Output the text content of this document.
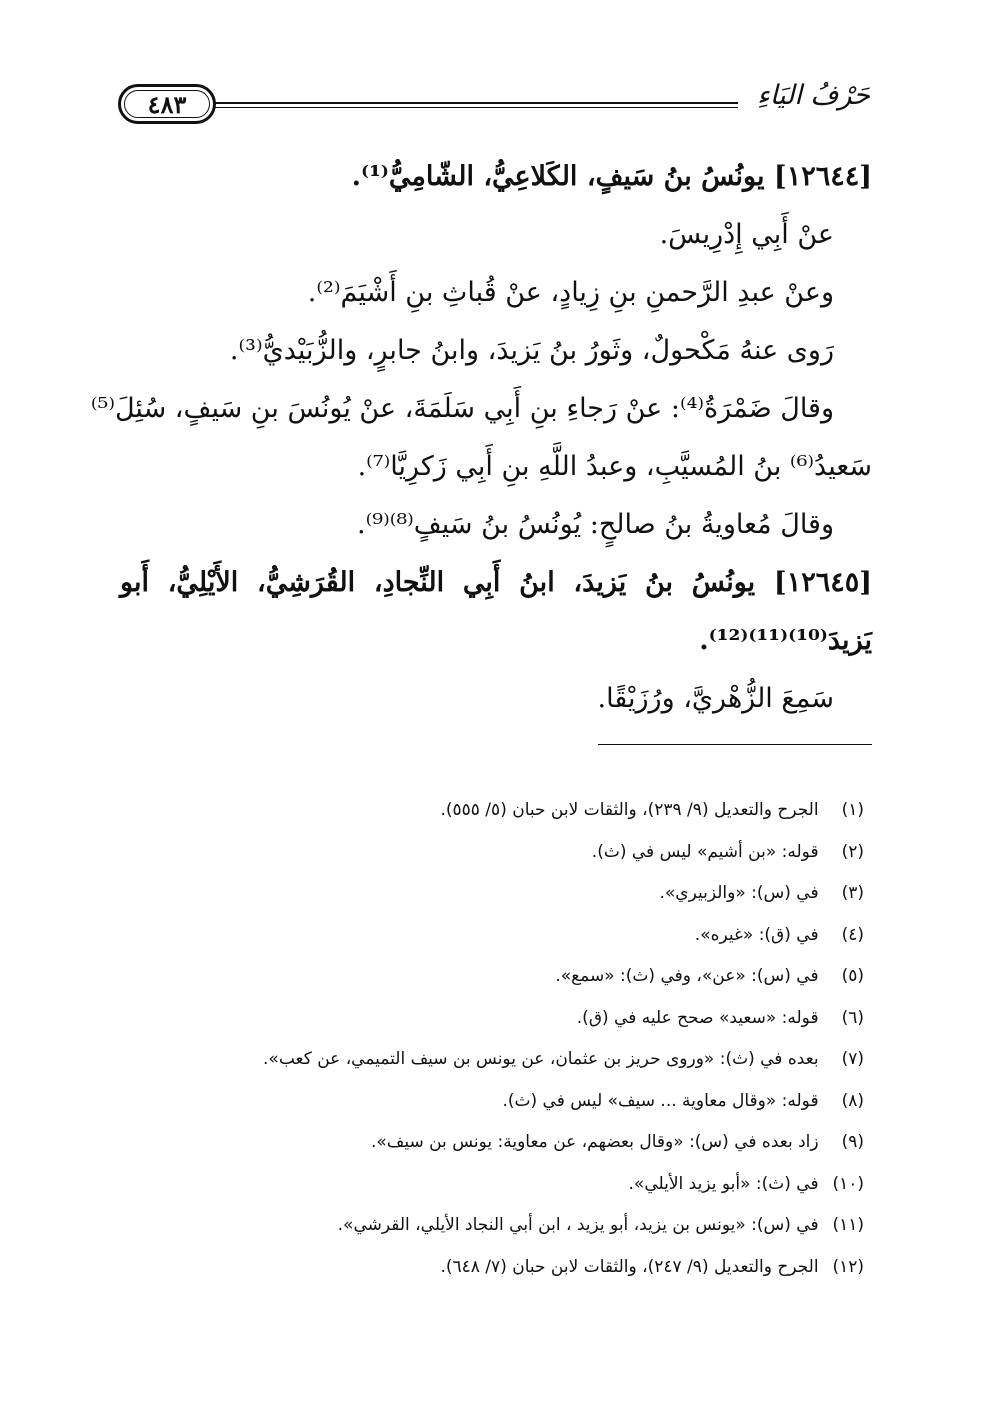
٤٨٣	حَرْفُ اليَاءِ
[١٢٦٤٤] يونُسُ بنُ سَيفٍ، الكَلاعِيُّ، الشّامِيُّ⁽¹⁾.
عنْ أَبِي إِدْرِيسَ.
وعنْ عبدِ الرَّحمنِ بنِ زِيادٍ، عنْ قُباثِ بنِ أَشْيَمَ⁽²⁾.
رَوى عنهُ مَكْحولٌ، وثَورُ بنُ يَزيدَ، وابنُ جابرٍ، والزُّبَيْديُّ⁽³⁾.
وقالَ ضَمْرَةُ⁽⁴⁾: عنْ رَجاءِ بنِ أَبِي سَلَمَةَ، عنْ يُونُسَ بنِ سَيفٍ، سُئِلَ⁽⁵⁾
سَعيدُ⁽⁶⁾ بنُ المُسيَّبِ، وعبدُ اللَّهِ بنِ أَبِي زَكرِيَّا⁽⁷⁾.
وقالَ مُعاويةُ بنُ صالحٍ: يُونُسُ بنُ سَيفٍ⁽⁸⁾⁽⁹⁾.
[١٢٦٤٥] يونُسُ بنُ يَزيدَ، ابنُ أَبِي النِّجادِ، القُرَشِيُّ، الأَيْلِيُّ، أَبو
يَزيدَ⁽¹⁰⁾⁽¹¹⁾⁽¹²⁾.
سَمِعَ الزُّهْريَّ، ورُزَيْقًا.
(١) الجرح والتعديل (٩/ ٢٣٩)، والثقات لابن حبان (٥/ ٥٥٥).
(٢) قوله: «بن أشيم» ليس في (ث).
(٣) في (س): «والزبيري».
(٤) في (ق): «غيره».
(٥) في (س): «عن»، وفي (ث): «سمع».
(٦) قوله: «سعيد» صحح عليه في (ق).
(٧) بعده في (ث): «وروى حريز بن عثمان، عن يونس بن سيف التميمي، عن كعب».
(٨) قوله: «وقال معاوية ... سيف» ليس في (ث).
(٩) زاد بعده في (س): «وقال بعضهم، عن معاوية: يونس بن سيف».
(١٠) في (ث): «أبو يزيد الأيلي».
(١١) في (س): «يونس بن يزيد، أبو يزيد ، ابن أبي النجاد الأيلي، القرشي».
(١٢) الجرح والتعديل (٩/ ٢٤٧)، والثقات لابن حبان (٧/ ٦٤٨).
